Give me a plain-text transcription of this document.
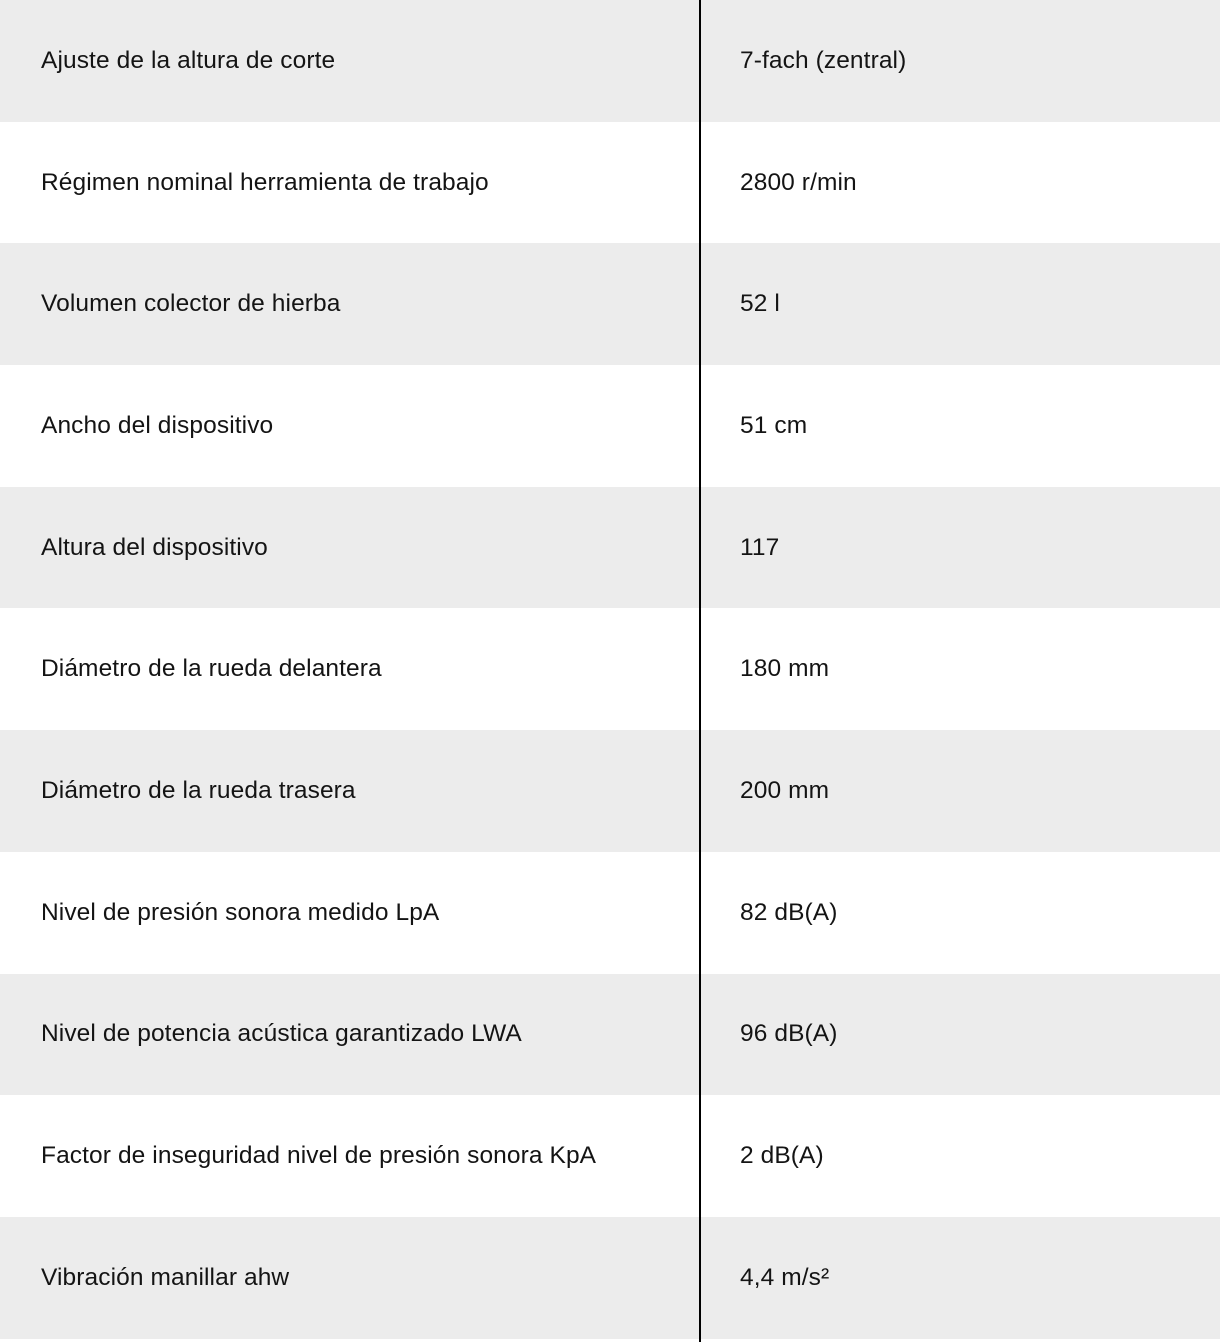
Ajuste de la altura de corte	7-fach (zentral)
Régimen nominal herramienta de trabajo	2800 r/min
Volumen colector de hierba	52 l
Ancho del dispositivo	51 cm
Altura del dispositivo	117
Diámetro de la rueda delantera	180 mm
Diámetro de la rueda trasera	200 mm
Nivel de presión sonora medido LpA	82 dB(A)
Nivel de potencia acústica garantizado LWA	96 dB(A)
Factor de inseguridad nivel de presión sonora KpA	2 dB(A)
Vibración manillar ahw	4,4 m/s²
